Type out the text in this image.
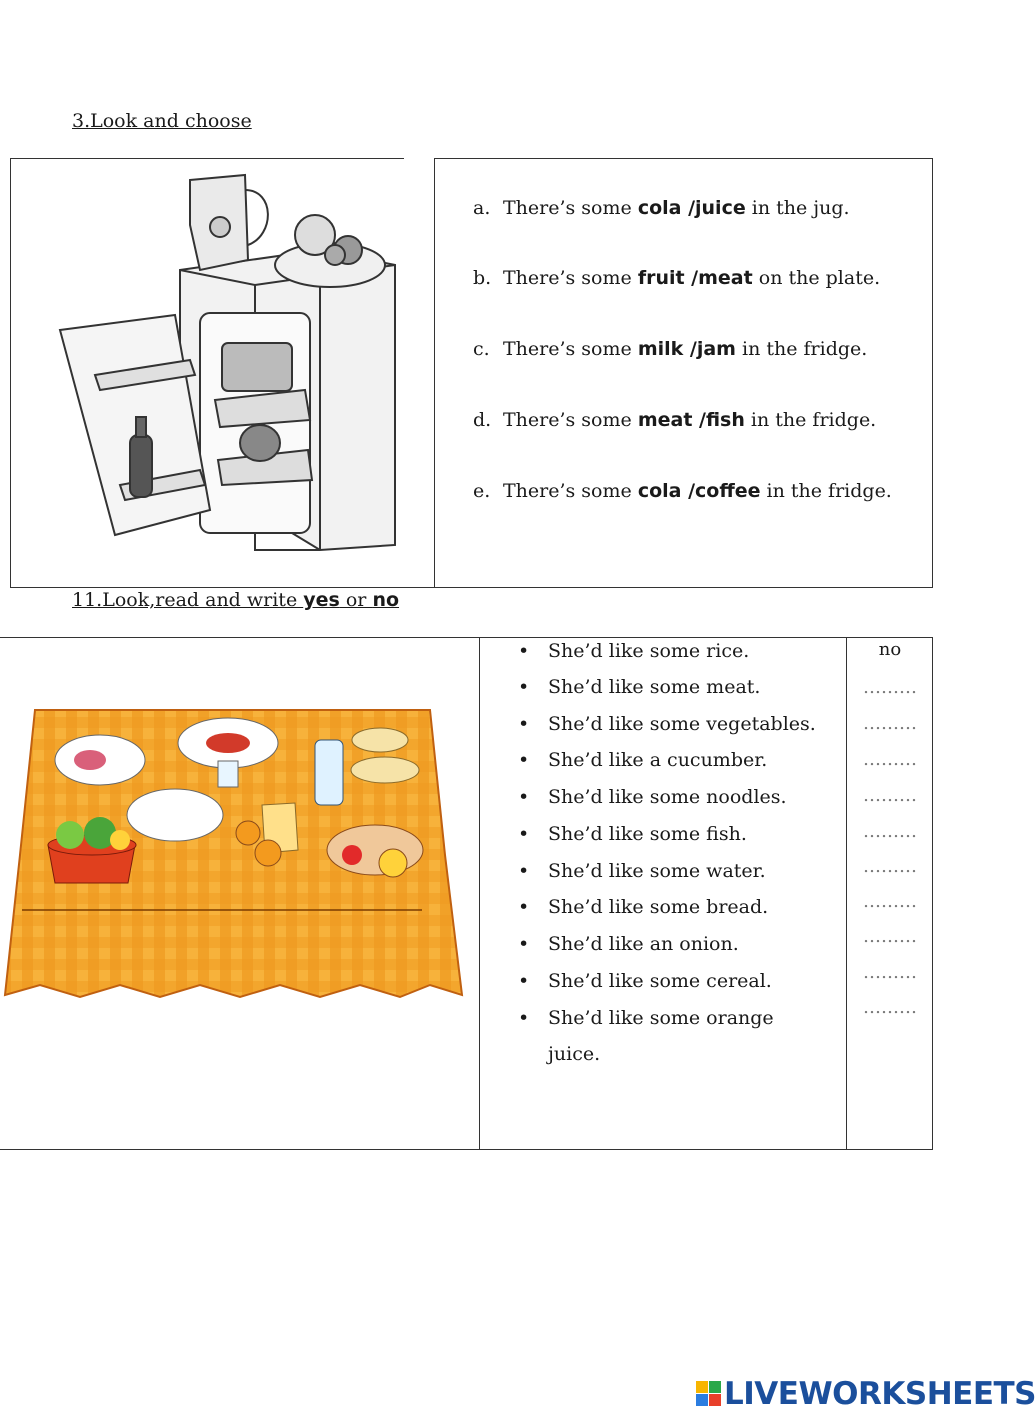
3.Look and choose
a. There’s some cola /juice in the jug.
b. There’s some fruit /meat on the plate.
c. There’s some milk /jam in the fridge.
d. There’s some meat /fish in the fridge.
e. There’s some cola /coffee in the fridge.
11.Look,read and write yes or no
• She’d like some rice.
• She’d like some meat.
• She’d like some vegetables.
• She’d like a cucumber.
• She’d like some noodles.
• She’d like some fish.
• She’d like some water.
• She’d like some bread.
• She’d like an onion.
• She’d like some cereal.
• She’d like some orange
juice.
no
………
………
………
………
………
………
………
………
………
………
LIVEWORKSHEETS
